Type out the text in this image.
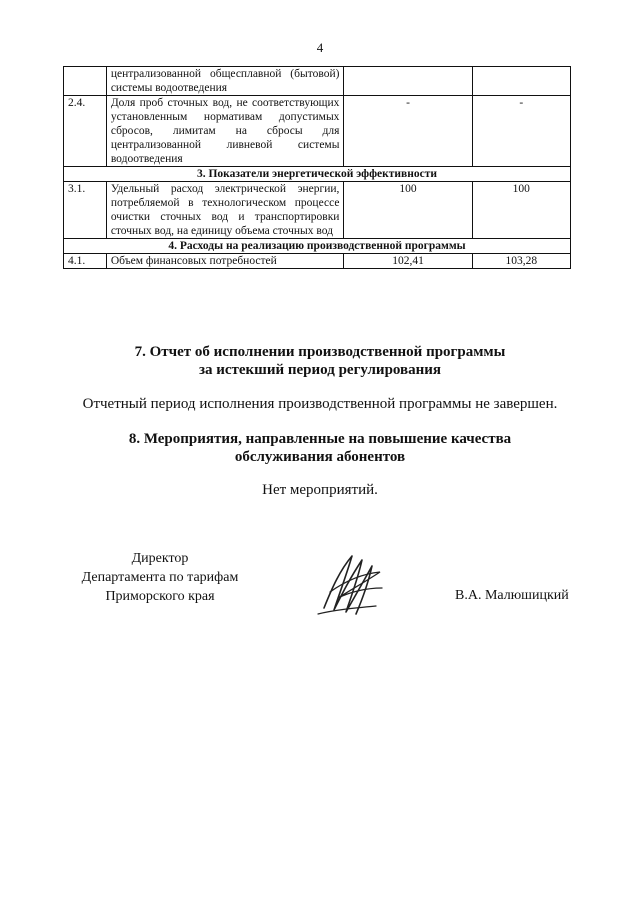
4
	централизованной общесплавной (бытовой) системы водоотведения		
2.4.	Доля проб сточных вод, не соответствующих установленным нормативам допустимых сбросов, лимитам на сбросы для централизованной ливневой системы водоотведения	-	-
3. Показатели энергетической эффективности			
3.1.	Удельный расход электрической энергии, потребляемой в технологическом процессе очистки сточных вод и транспортировки сточных вод, на единицу объема сточных вод	100	100
4. Расходы на реализацию производственной программы			
4.1.	Объем финансовых потребностей	102,41	103,28
7. Отчет об исполнении производственной программы
за истекший период регулирования
Отчетный период исполнения производственной программы не завершен.
8. Мероприятия, направленные на повышение качества
обслуживания абонентов
Нет мероприятий.
Директор
Департамента по тарифам
Приморского края	В.А. Малюшицкий
